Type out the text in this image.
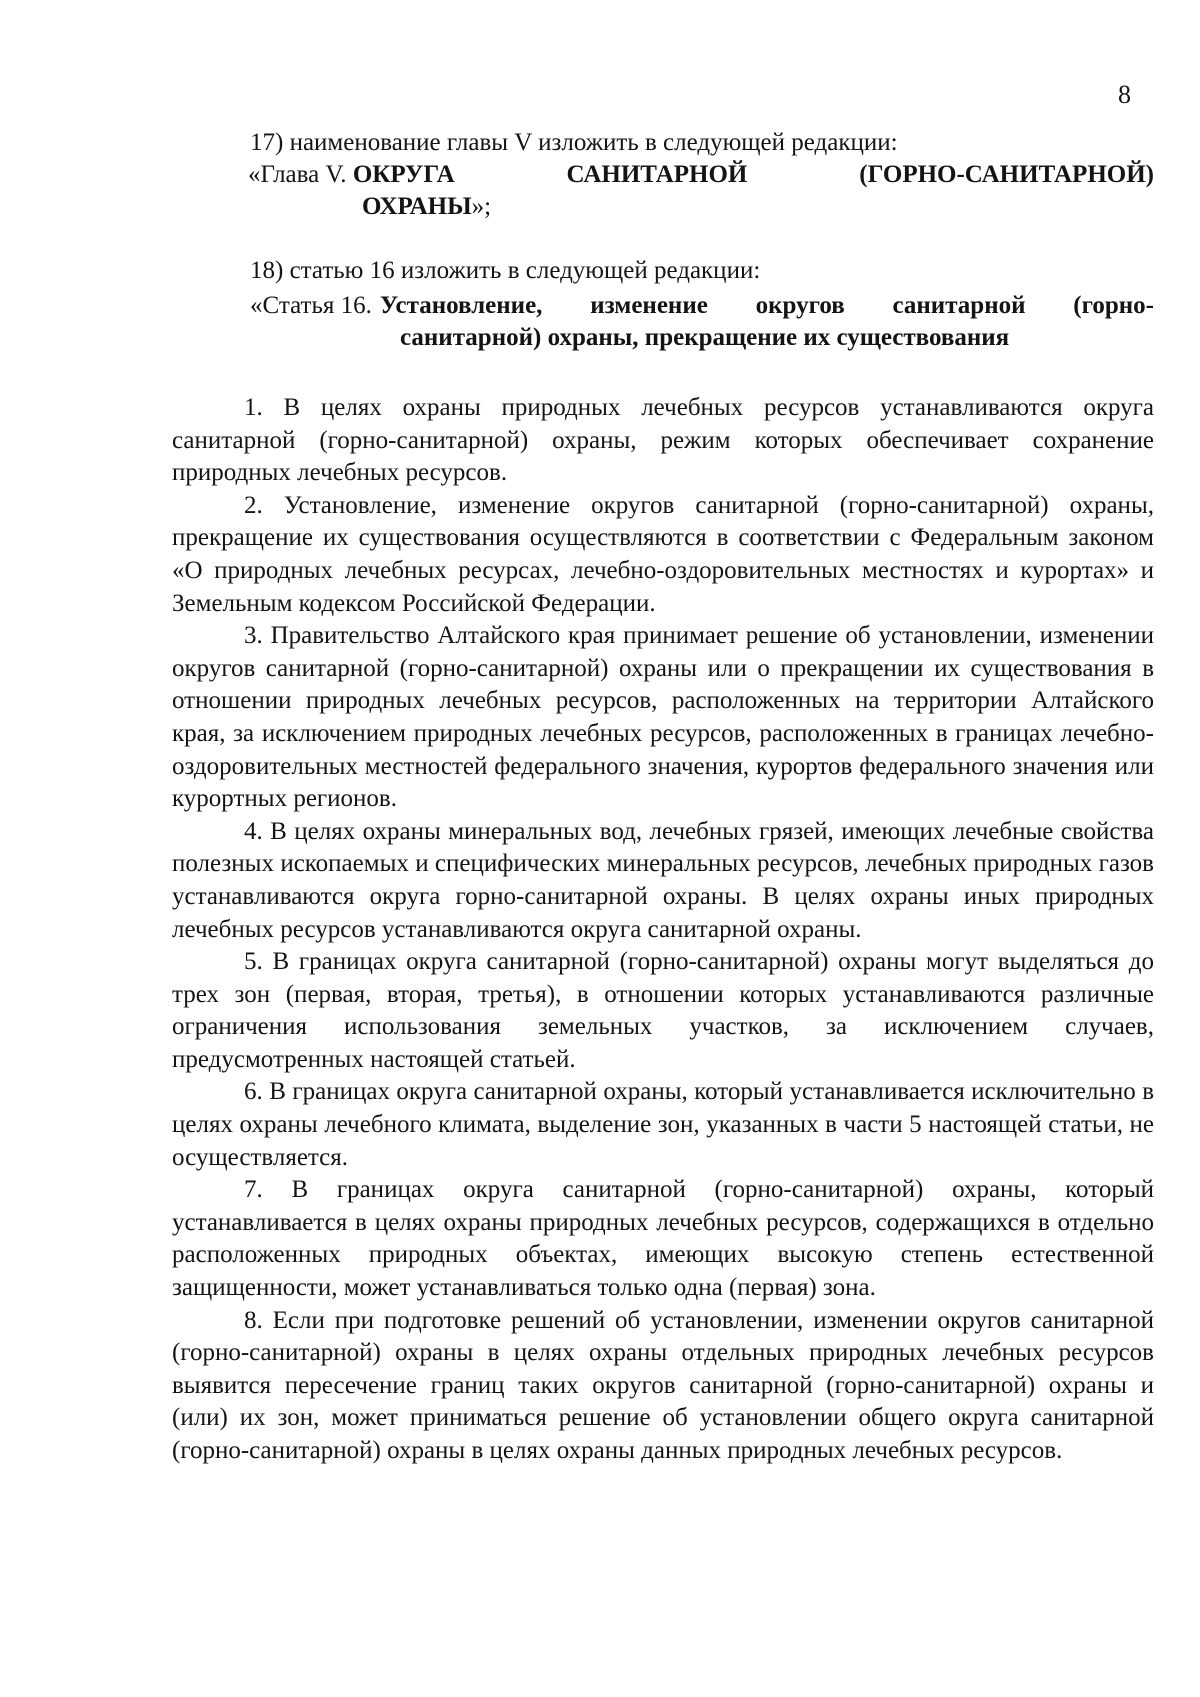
8
17) наименование главы V изложить в следующей редакции:
«Глава V. ОКРУГА	САНИТАРНОЙ	(ГОРНО-САНИТАРНОЙ)
ОХРАНЫ»;
18) статью 16 изложить в следующей редакции:
«Статья 16. Установление, изменение округов санитарной (горно-
санитарной) охраны, прекращение их существования

1. В целях охраны природных лечебных ресурсов устанавливаются округа санитарной (горно-санитарной) охраны, режим которых обеспечивает сохранение природных лечебных ресурсов.

2. Установление, изменение округов санитарной (горно-санитарной) охраны, прекращение их существования осуществляются в соответствии с Федеральным законом «О природных лечебных ресурсах, лечебно-оздоровительных местностях и курортах» и Земельным кодексом Российской Федерации.

3. Правительство Алтайского края принимает решение об установлении, изменении округов санитарной (горно-санитарной) охраны или о прекращении их существования в отношении природных лечебных ресурсов, расположенных на территории Алтайского края, за исключением природных лечебных ресурсов, расположенных в границах лечебно-оздоровительных местностей федерального значения, курортов федерального значения или курортных регионов.

4. В целях охраны минеральных вод, лечебных грязей, имеющих лечебные свойства полезных ископаемых и специфических минеральных ресурсов, лечебных природных газов устанавливаются округа горно-санитарной охраны. В целях охраны иных природных лечебных ресурсов устанавливаются округа санитарной охраны.

5. В границах округа санитарной (горно-санитарной) охраны могут выделяться до трех зон (первая, вторая, третья), в отношении которых устанавливаются различные ограничения использования земельных участков, за исключением случаев, предусмотренных настоящей статьей.

6. В границах округа санитарной охраны, который устанавливается исключительно в целях охраны лечебного климата, выделение зон, указанных в части 5 настоящей статьи, не осуществляется.

7. В границах округа санитарной (горно-санитарной) охраны, который устанавливается в целях охраны природных лечебных ресурсов, содержащихся в отдельно расположенных природных объектах, имеющих высокую степень естественной защищенности, может устанавливаться только одна (первая) зона.

8. Если при подготовке решений об установлении, изменении округов санитарной (горно-санитарной) охраны в целях охраны отдельных природных лечебных ресурсов выявится пересечение границ таких округов санитарной (горно-санитарной) охраны и (или) их зон, может приниматься решение об установлении общего округа санитарной (горно-санитарной) охраны в целях охраны данных природных лечебных ресурсов.
